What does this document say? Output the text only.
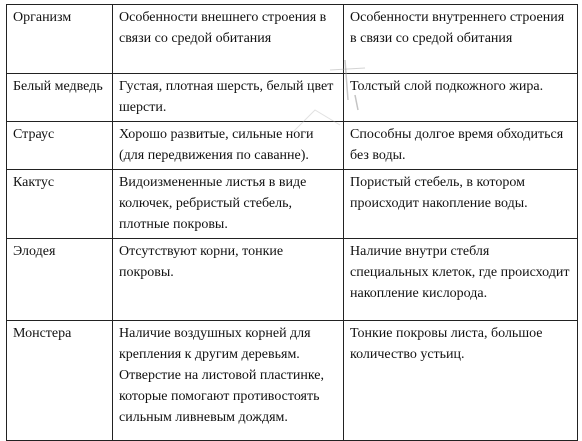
Организм	Особенности внешнего строения в связи со средой обитания	Особенности внутреннего строения в связи со средой обитания

Белый медведь	Густая, плотная шерсть, белый цвет шерсти.	Толстый слой подкожного жира.

Страус	Хорошо развитые, сильные ноги (для передвижения по саванне).	Способны долгое время обходиться без воды.

Кактус	Видоизмененные листья в виде колючек, ребристый стебель, плотные покровы.	Пористый стебель, в котором происходит накопление воды.

Элодея	Отсутствуют корни, тонкие покровы.	Наличие внутри стебля специальных клеток, где происходит накопление кислорода.

Монстера	Наличие воздушных корней для крепления к другим деревьям. Отверстие на листовой пластинке, которые помогают противостоять сильным ливневым дождям.	Тонкие покровы листа, большое количество устьиц.
